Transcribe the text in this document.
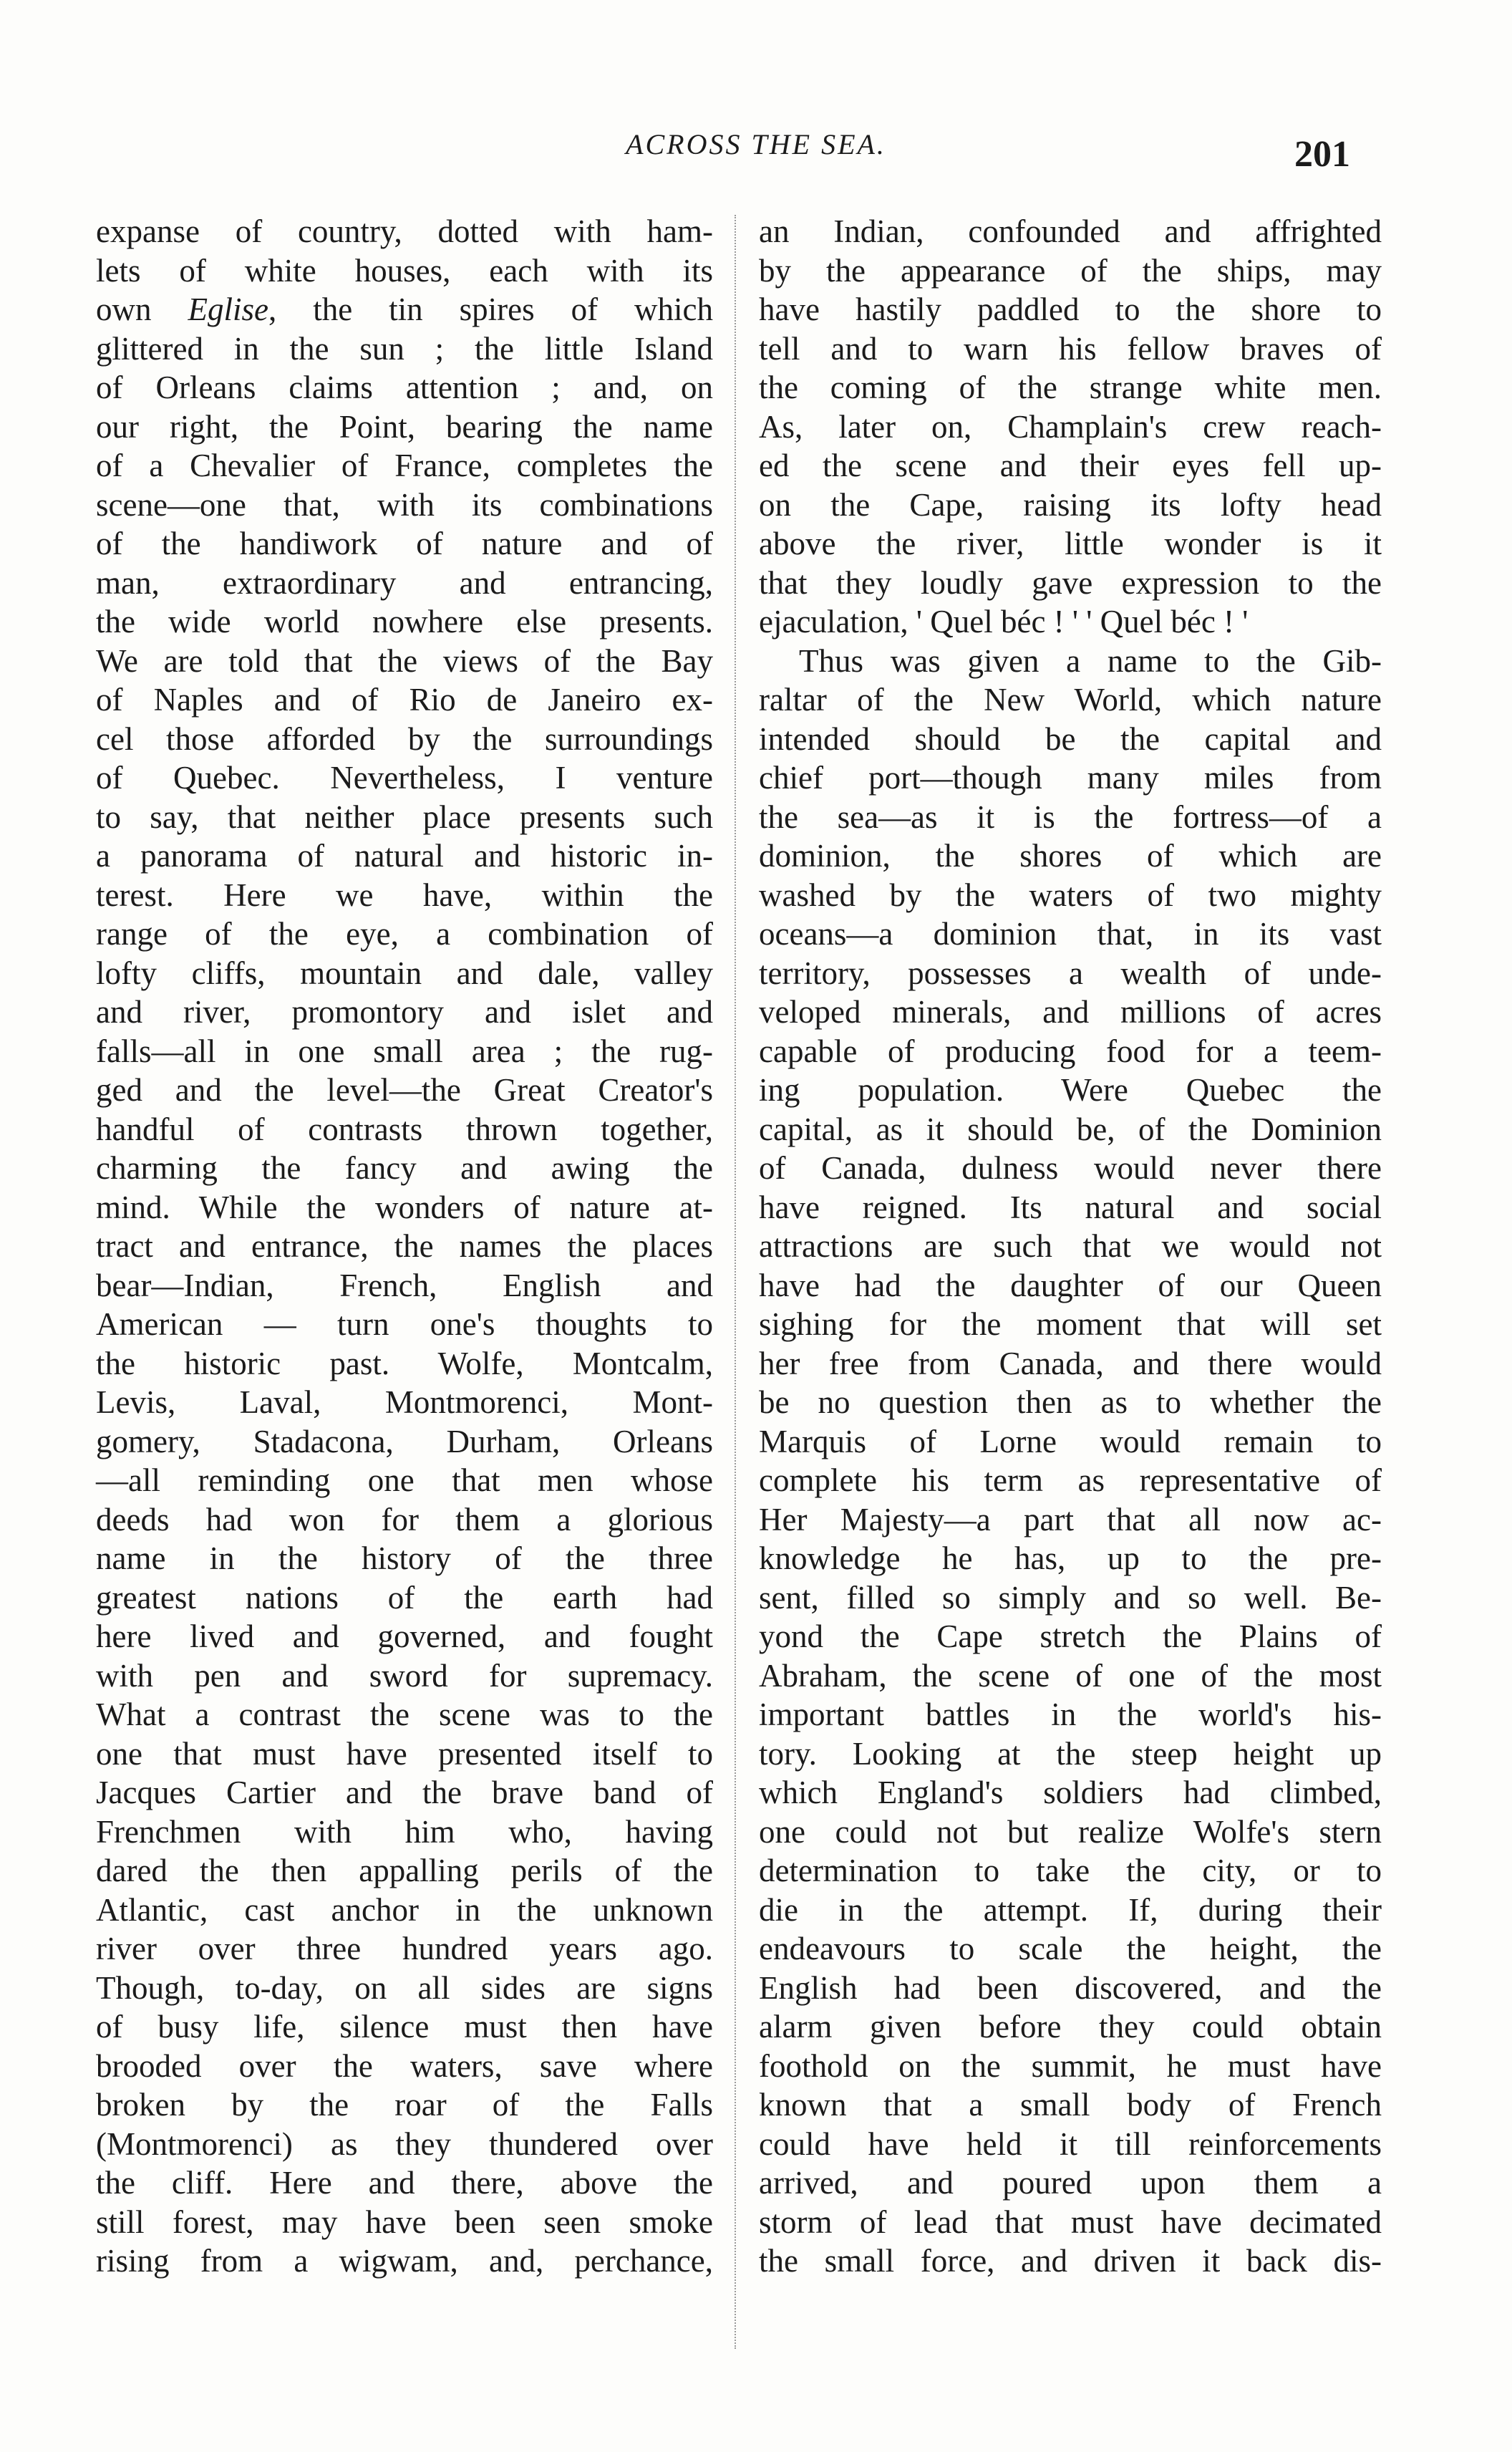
ACROSS THE SEA.	201
expanse of country, dotted with ham-
lets of white houses, each with its
own Eglise, the tin spires of which
glittered in the sun ; the little Island
of Orleans claims attention ; and, on
our right, the Point, bearing the name
of a Chevalier of France, completes the
scene—one that, with its combinations
of the handiwork of nature and of
man, extraordinary and entrancing,
the wide world nowhere else presents.
We are told that the views of the Bay
of Naples and of Rio de Janeiro ex-
cel those afforded by the surroundings
of Quebec. Nevertheless, I venture
to say, that neither place presents such
a panorama of natural and historic in-
terest. Here we have, within the
range of the eye, a combination of
lofty cliffs, mountain and dale, valley
and river, promontory and islet and
falls—all in one small area ; the rug-
ged and the level—the Great Creator's
handful of contrasts thrown together,
charming the fancy and awing the
mind. While the wonders of nature at-
tract and entrance, the names the places
bear—Indian, French, English and
American — turn one's thoughts to
the historic past. Wolfe, Montcalm,
Levis, Laval, Montmorenci, Mont-
gomery, Stadacona, Durham, Orleans
—all reminding one that men whose
deeds had won for them a glorious
name in the history of the three
greatest nations of the earth had
here lived and governed, and fought
with pen and sword for supremacy.
What a contrast the scene was to the
one that must have presented itself to
Jacques Cartier and the brave band of
Frenchmen with him who, having
dared the then appalling perils of the
Atlantic, cast anchor in the unknown
river over three hundred years ago.
Though, to-day, on all sides are signs
of busy life, silence must then have
brooded over the waters, save where
broken by the roar of the Falls
(Montmorenci) as they thundered over
the cliff. Here and there, above the
still forest, may have been seen smoke
rising from a wigwam, and, perchance,
an Indian, confounded and affrighted
by the appearance of the ships, may
have hastily paddled to the shore to
tell and to warn his fellow braves of
the coming of the strange white men.
As, later on, Champlain's crew reach-
ed the scene and their eyes fell up-
on the Cape, raising its lofty head
above the river, little wonder is it
that they loudly gave expression to the
ejaculation, ' Quel béc ! ' ' Quel béc ! '
Thus was given a name to the Gib-
raltar of the New World, which nature
intended should be the capital and
chief port—though many miles from
the sea—as it is the fortress—of a
dominion, the shores of which are
washed by the waters of two mighty
oceans—a dominion that, in its vast
territory, possesses a wealth of unde-
veloped minerals, and millions of acres
capable of producing food for a teem-
ing population. Were Quebec the
capital, as it should be, of the Dominion
of Canada, dulness would never there
have reigned. Its natural and social
attractions are such that we would not
have had the daughter of our Queen
sighing for the moment that will set
her free from Canada, and there would
be no question then as to whether the
Marquis of Lorne would remain to
complete his term as representative of
Her Majesty—a part that all now ac-
knowledge he has, up to the pre-
sent, filled so simply and so well. Be-
yond the Cape stretch the Plains of
Abraham, the scene of one of the most
important battles in the world's his-
tory. Looking at the steep height up
which England's soldiers had climbed,
one could not but realize Wolfe's stern
determination to take the city, or to
die in the attempt. If, during their
endeavours to scale the height, the
English had been discovered, and the
alarm given before they could obtain
foothold on the summit, he must have
known that a small body of French
could have held it till reinforcements
arrived, and poured upon them a
storm of lead that must have decimated
the small force, and driven it back dis-
